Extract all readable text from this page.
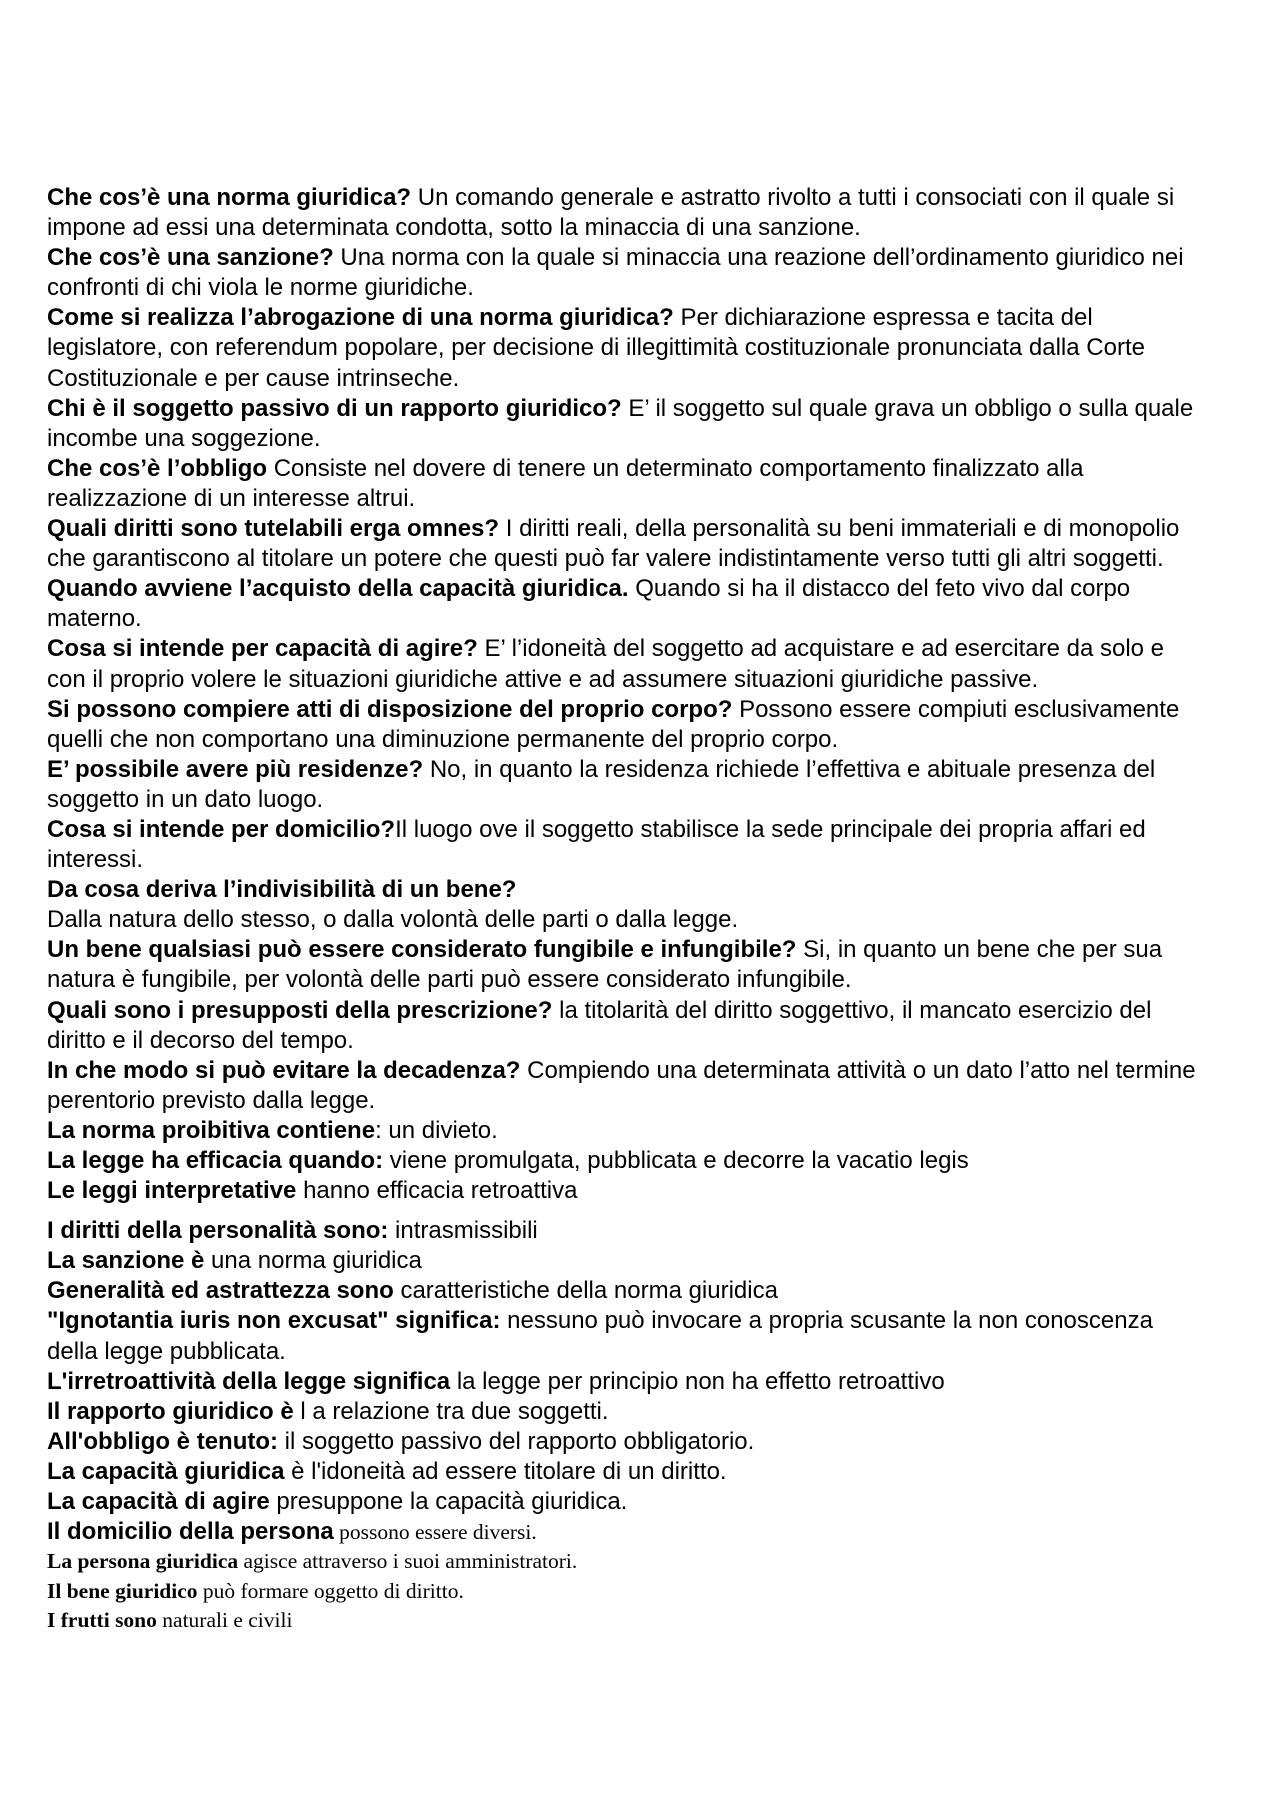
Che cos’è una norma giuridica? Un comando generale e astratto rivolto a tutti i consociati con il quale si impone ad essi una determinata condotta, sotto la minaccia di una sanzione.

Che cos’è una sanzione? Una norma con la quale si minaccia una reazione dell’ordinamento giuridico nei confronti di chi viola le norme giuridiche.

Come si realizza l’abrogazione di una norma giuridica? Per dichiarazione espressa e tacita del legislatore, con referendum popolare, per decisione di illegittimità costituzionale pronunciata dalla Corte Costituzionale e per cause intrinseche.

Chi è il soggetto passivo di un rapporto giuridico? E’ il soggetto sul quale grava un obbligo o sulla quale incombe una soggezione.

Che cos’è l’obbligo Consiste nel dovere di tenere un determinato comportamento finalizzato alla realizzazione di un interesse altrui.

Quali diritti sono tutelabili erga omnes? I diritti reali, della personalità su beni immateriali e di monopolio che garantiscono al titolare un potere che questi può far valere indistintamente verso tutti gli altri soggetti.

Quando avviene l’acquisto della capacità giuridica. Quando si ha il distacco del feto vivo dal corpo materno.

Cosa si intende per capacità di agire? E’ l’idoneità del soggetto ad acquistare e ad esercitare da solo e con il proprio volere le situazioni giuridiche attive e ad assumere situazioni giuridiche passive.

Si possono compiere atti di disposizione del proprio corpo? Possono essere compiuti esclusivamente quelli che non comportano una diminuzione permanente del proprio corpo.

E’ possibile avere più residenze? No, in quanto la residenza richiede l’effettiva e abituale presenza del soggetto in un dato luogo.

Cosa si intende per domicilio?Il luogo ove il soggetto stabilisce la sede principale dei propria affari ed interessi.

Da cosa deriva l’indivisibilità di un bene?

Dalla natura dello stesso, o dalla volontà delle parti o dalla legge.

Un bene qualsiasi può essere considerato fungibile e infungibile? Si, in quanto un bene che per sua natura è fungibile, per volontà delle parti può essere considerato infungibile.

Quali sono i presupposti della prescrizione? la titolarità del diritto soggettivo, il mancato esercizio del diritto e il decorso del tempo.

In che modo si può evitare la decadenza? Compiendo una determinata attività o un dato l’atto nel termine perentorio previsto dalla legge.

La norma proibitiva contiene: un divieto.

La legge ha efficacia quando: viene promulgata, pubblicata e decorre la vacatio legis

Le leggi interpretative hanno efficacia retroattiva

I diritti della personalità sono: intrasmissibili

La sanzione è una norma giuridica

Generalità ed astrattezza sono caratteristiche della norma giuridica

"Ignotantia iuris non excusat" significa: nessuno può invocare a propria scusante la non conoscenza della legge pubblicata.

L'irretroattività della legge significa la legge per principio non ha effetto retroattivo

Il rapporto giuridico è l a relazione tra due soggetti.

All'obbligo è tenuto: il soggetto passivo del rapporto obbligatorio.

La capacità giuridica è l'idoneità ad essere titolare di un diritto.

La capacità di agire presuppone la capacità giuridica.

Il domicilio della persona possono essere diversi.

La persona giuridica agisce attraverso i suoi amministratori.

Il bene giuridico può formare oggetto di diritto.

I frutti sono naturali e civili
